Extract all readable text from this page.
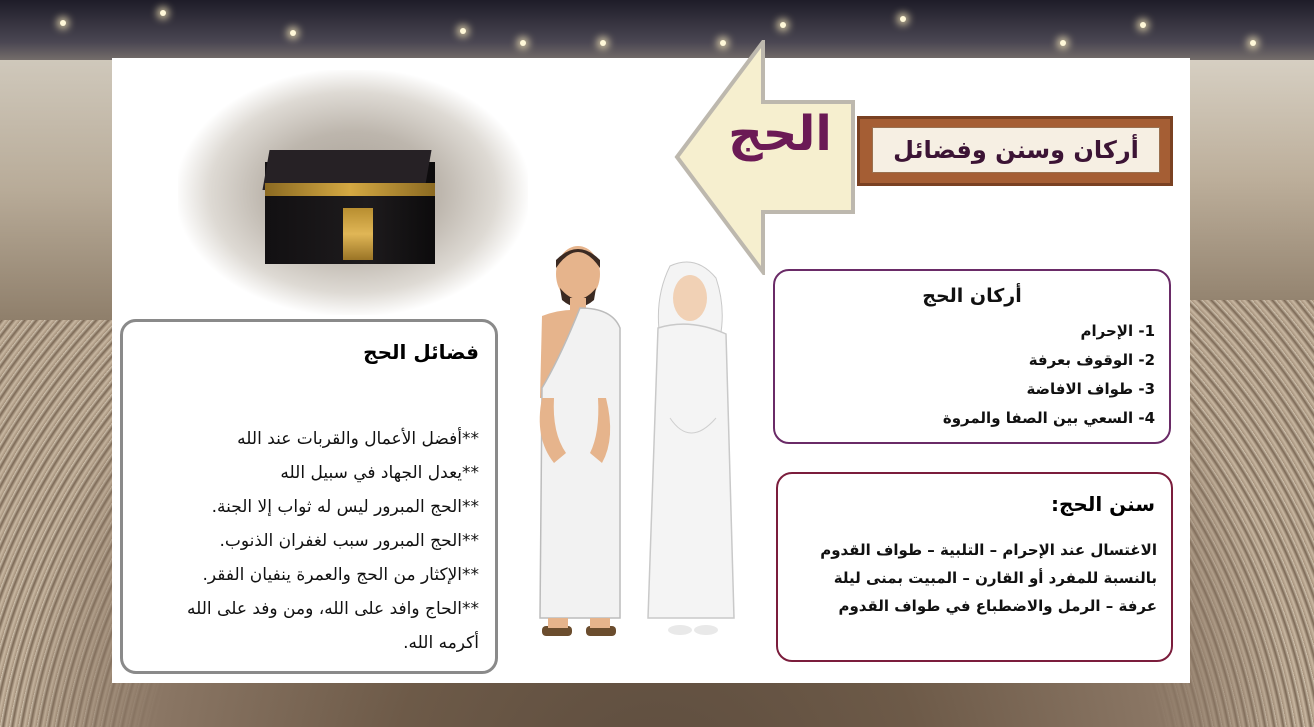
الحج	أركان وسنن وفضائل
أركان الحج
1- الإحرام
2- الوقوف بعرفة
3- طواف الافاضة
4- السعي بين الصفا والمروة
سنن الحج:
الاغتسال عند الإحرام – التلبية – طواف القدوم
بالنسبة للمفرد أو القارن – المبيت بمنى ليلة
عرفة – الرمل والاضطباع في طواف القدوم
فضائل الحج

**أفضل الأعمال والقربات عند الله

**يعدل الجهاد في سبيل الله

**الحج المبرور ليس له ثواب إلا الجنة.

**الحج المبرور سبب لغفران الذنوب.

**الإكثار من الحج والعمرة ينفيان الفقر.

**الحاج وافد على الله، ومن وفد على الله

أكرمه الله.
